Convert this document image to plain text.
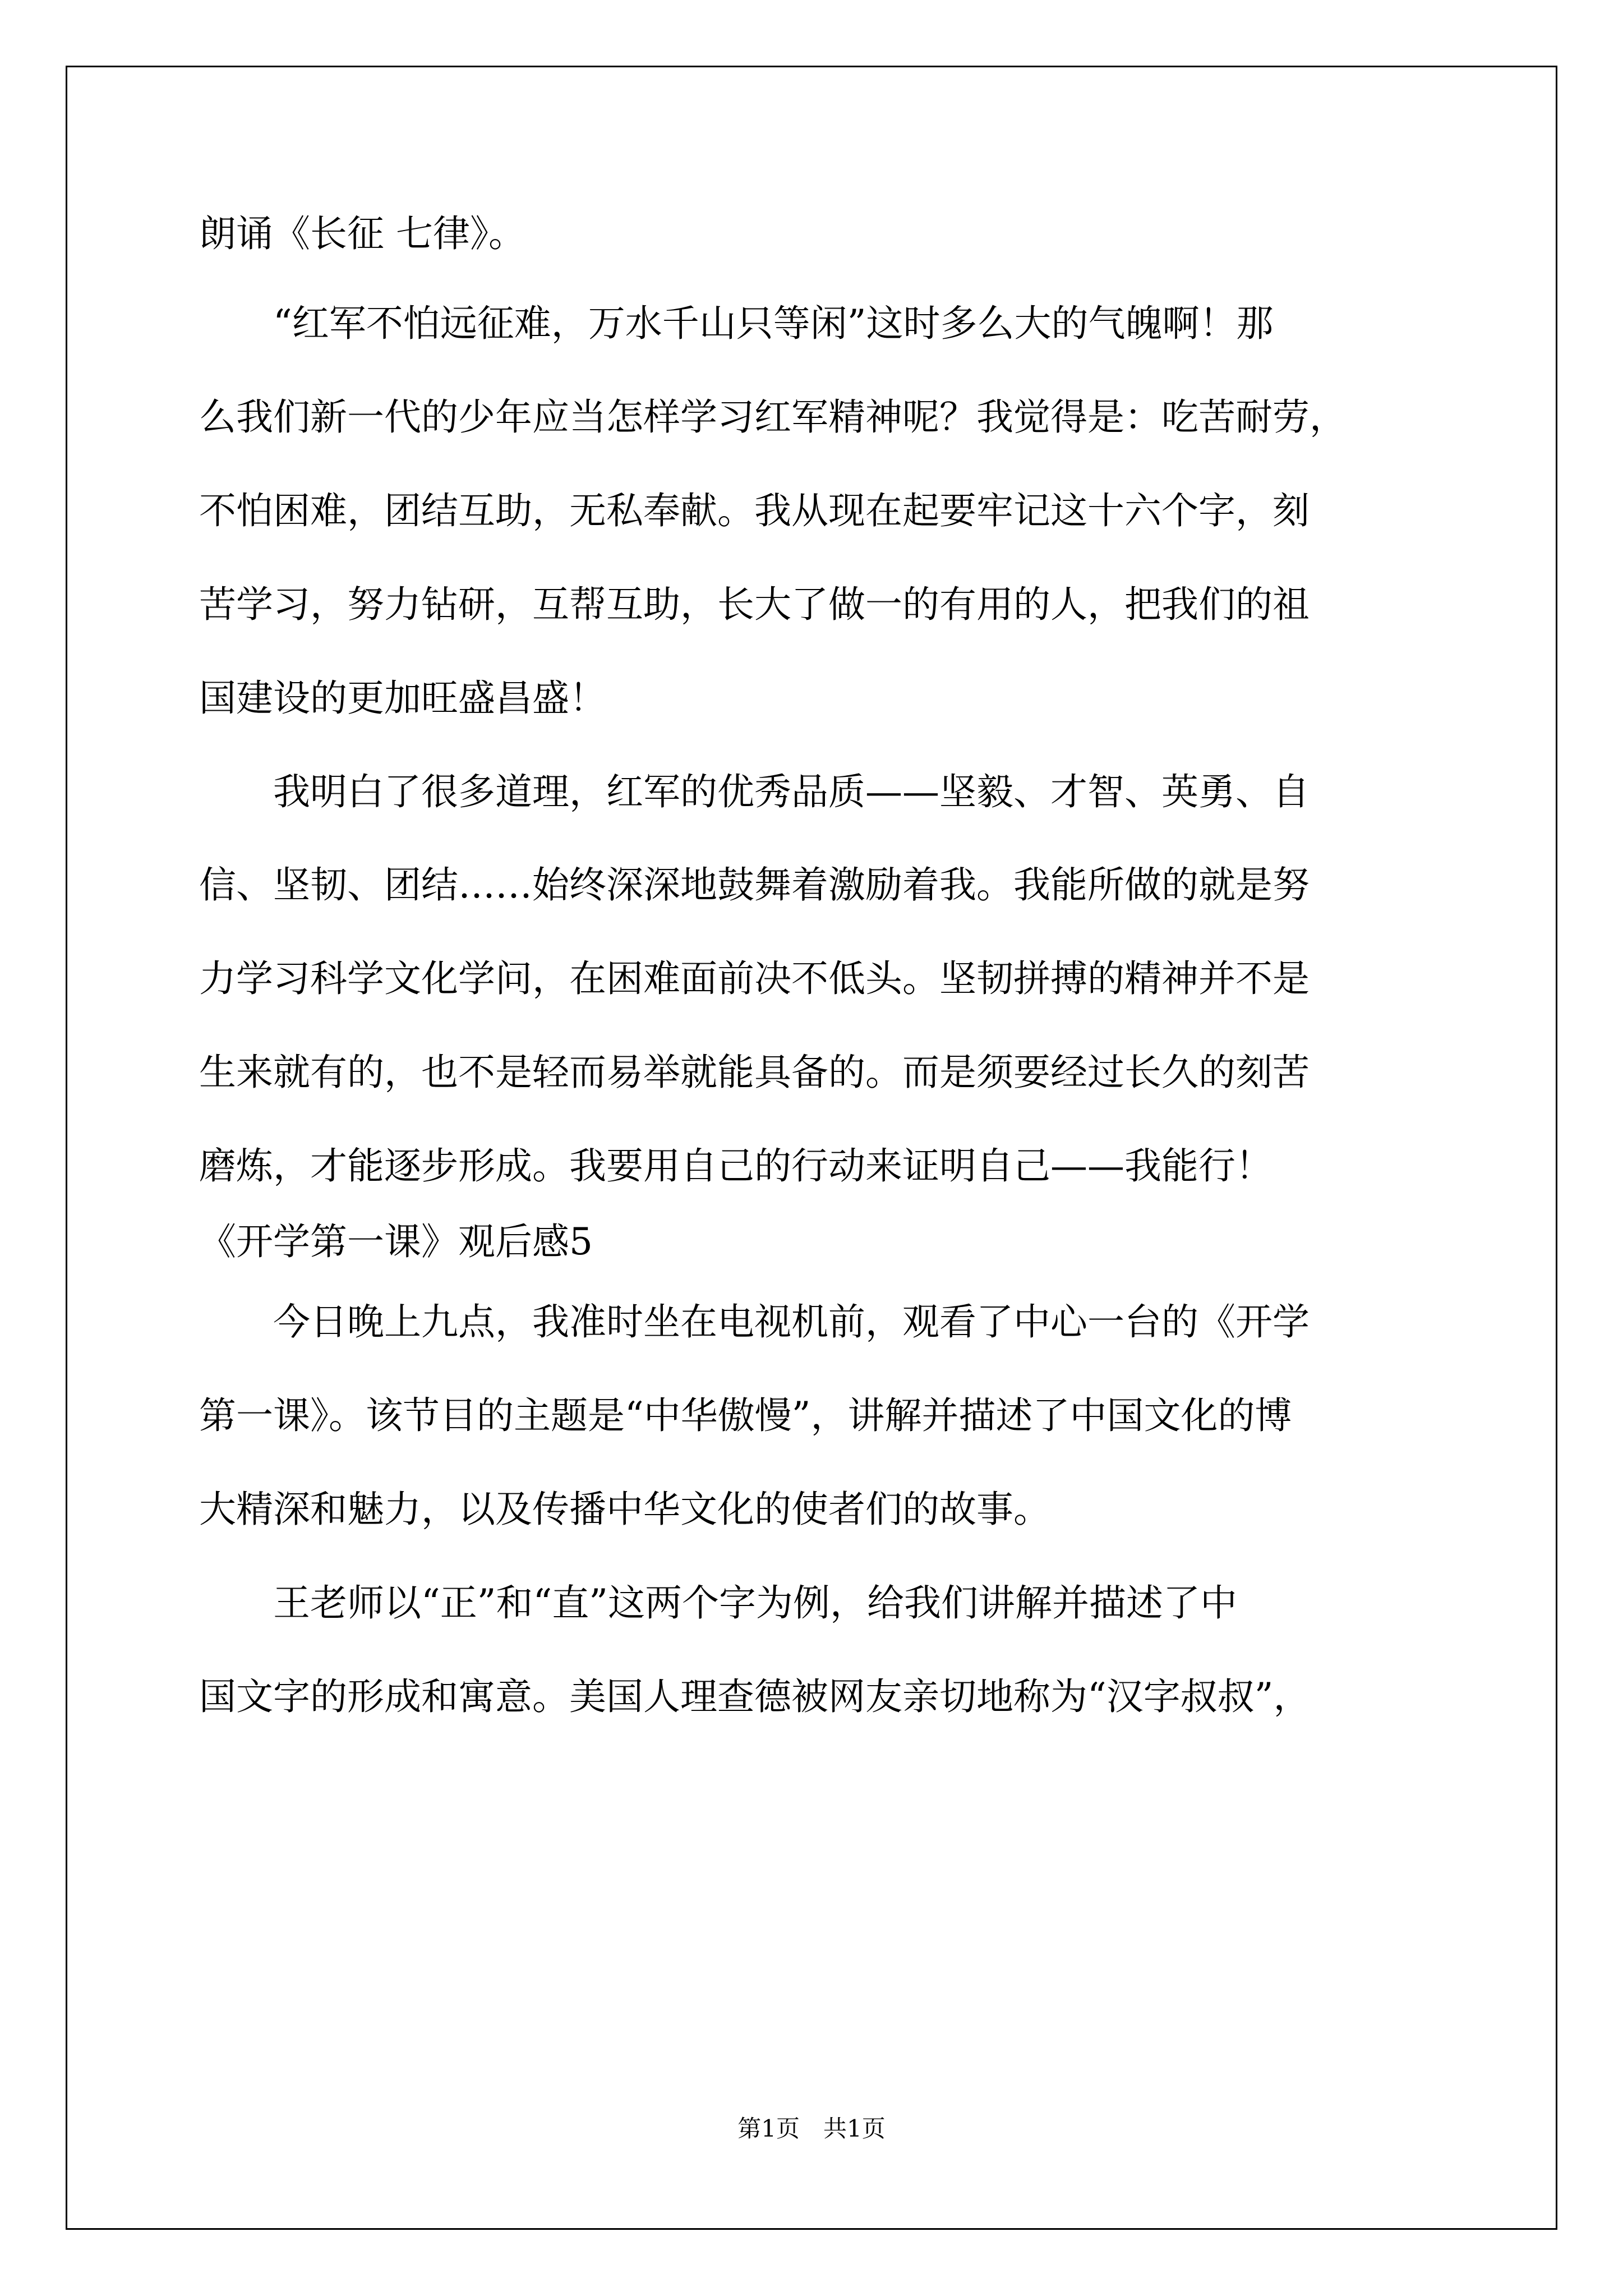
朗诵《长征 七律》。

　　“红军不怕远征难，万水千山只等闲”这时多么大的气魄啊！那

么我们新一代的少年应当怎样学习红军精神呢？我觉得是：吃苦耐劳，

不怕困难，团结互助，无私奉献。我从现在起要牢记这十六个字，刻

苦学习，努力钻研，互帮互助，长大了做一的有用的人，把我们的祖

国建设的更加旺盛昌盛！

　　我明白了很多道理，红军的优秀品质——坚毅、才智、英勇、自

信、坚韧、团结……始终深深地鼓舞着激励着我。我能所做的就是努

力学习科学文化学问，在困难面前决不低头。坚韧拼搏的精神并不是

生来就有的，也不是轻而易举就能具备的。而是须要经过长久的刻苦

磨炼，才能逐步形成。我要用自己的行动来证明自己——我能行！

《开学第一课》观后感5

　　今日晚上九点，我准时坐在电视机前，观看了中心一台的《开学

第一课》。该节目的主题是“中华傲慢”，讲解并描述了中国文化的博

大精深和魅力，以及传播中华文化的使者们的故事。

　　王老师以“正”和“直”这两个字为例，给我们讲解并描述了中

国文字的形成和寓意。美国人理查德被网友亲切地称为“汉字叔叔”，

第1页　共1页
